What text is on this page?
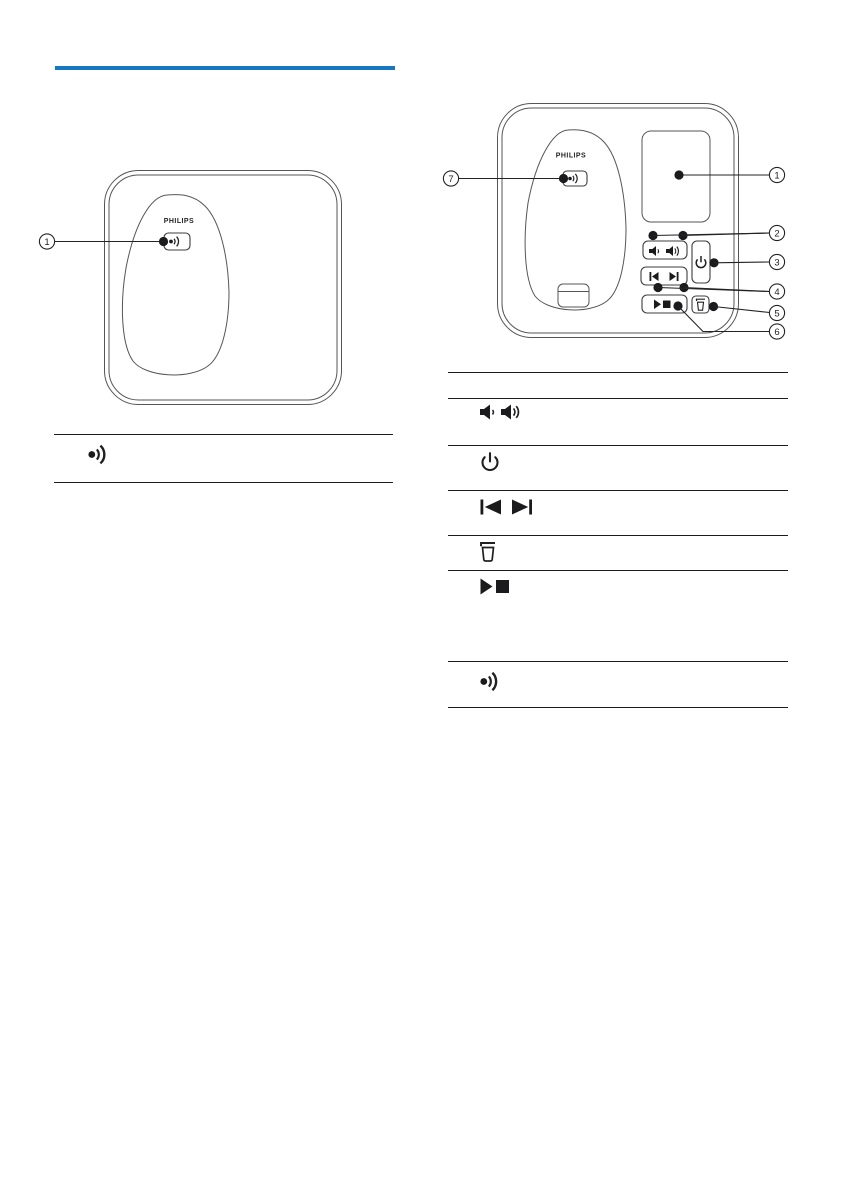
PHILIPS
1
PHILIPS
1
2
3
4
5
6
7
